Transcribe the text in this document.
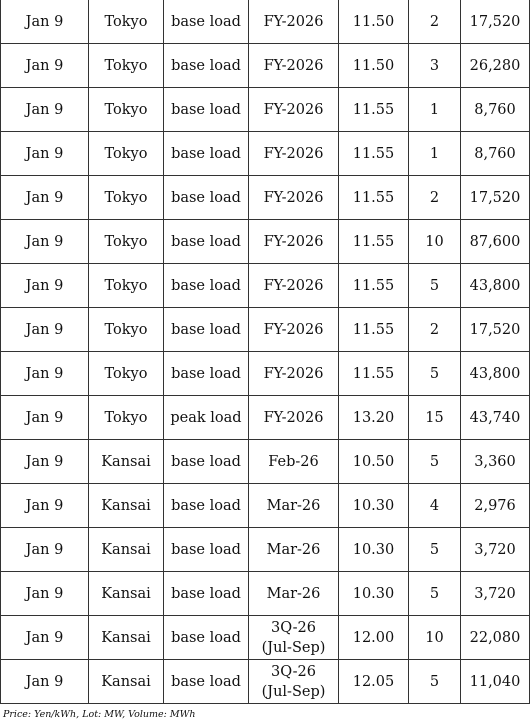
Jan 9	Tokyo	base load	FY-2026	11.50	2	17,520
Jan 9	Tokyo	base load	FY-2026	11.50	3	26,280
Jan 9	Tokyo	base load	FY-2026	11.55	1	8,760
Jan 9	Tokyo	base load	FY-2026	11.55	1	8,760
Jan 9	Tokyo	base load	FY-2026	11.55	2	17,520
Jan 9	Tokyo	base load	FY-2026	11.55	10	87,600
Jan 9	Tokyo	base load	FY-2026	11.55	5	43,800
Jan 9	Tokyo	base load	FY-2026	11.55	2	17,520
Jan 9	Tokyo	base load	FY-2026	11.55	5	43,800
Jan 9	Tokyo	peak load	FY-2026	13.20	15	43,740
Jan 9	Kansai	base load	Feb-26	10.50	5	3,360
Jan 9	Kansai	base load	Mar-26	10.30	4	2,976
Jan 9	Kansai	base load	Mar-26	10.30	5	3,720
Jan 9	Kansai	base load	Mar-26	10.30	5	3,720
Jan 9	Kansai	base load	3Q-26
(Jul-Sep)	12.00	10	22,080
Jan 9	Kansai	base load	3Q-26
(Jul-Sep)	12.05	5	11,040
Price: Yen/kWh, Lot: MW, Volume: MWh
